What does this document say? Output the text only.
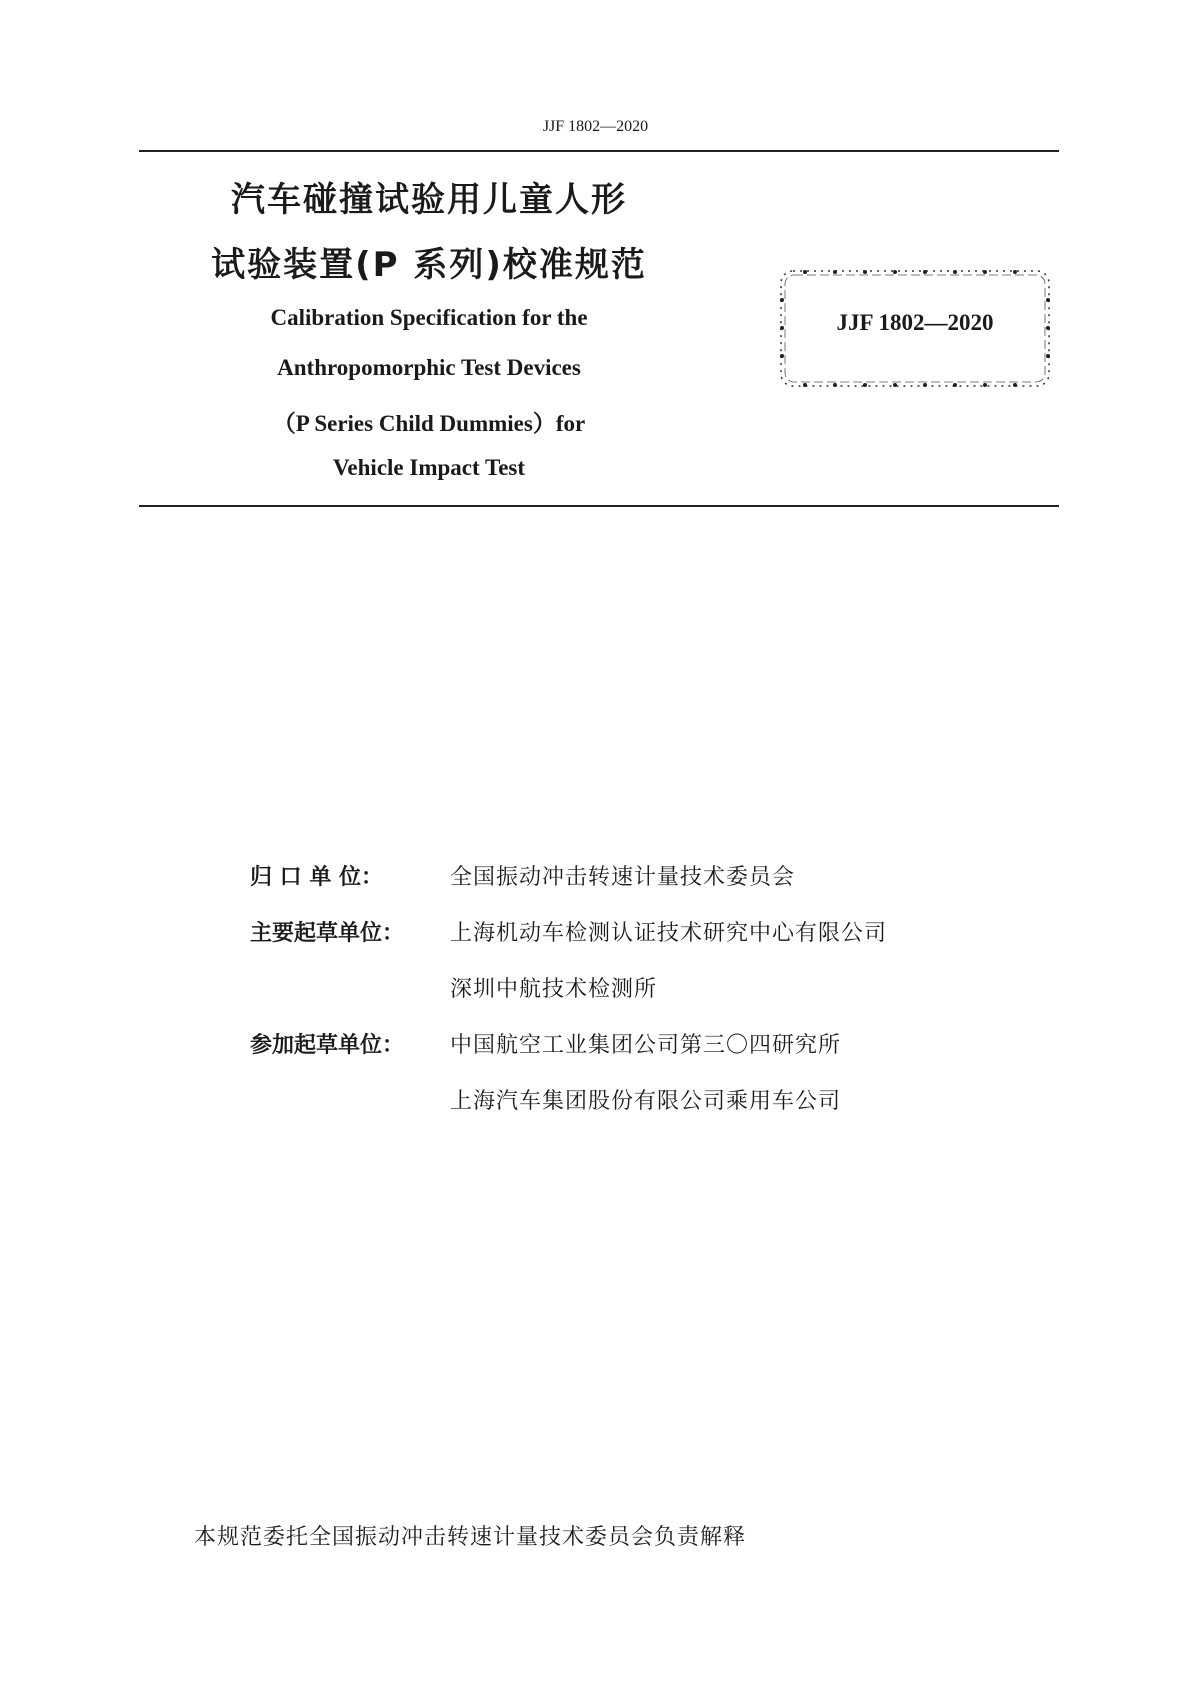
JJF 1802—2020
汽车碰撞试验用儿童人形
试验装置(P 系列)校准规范
Calibration Specification for the
Anthropomorphic Test Devices
（P Series Child Dummies）for
Vehicle Impact Test
JJF 1802—2020
归 口 单 位：	全国振动冲击转速计量技术委员会
主要起草单位：	上海机动车检测认证技术研究中心有限公司
深圳中航技术检测所
参加起草单位：	中国航空工业集团公司第三〇四研究所
上海汽车集团股份有限公司乘用车公司
本规范委托全国振动冲击转速计量技术委员会负责解释
